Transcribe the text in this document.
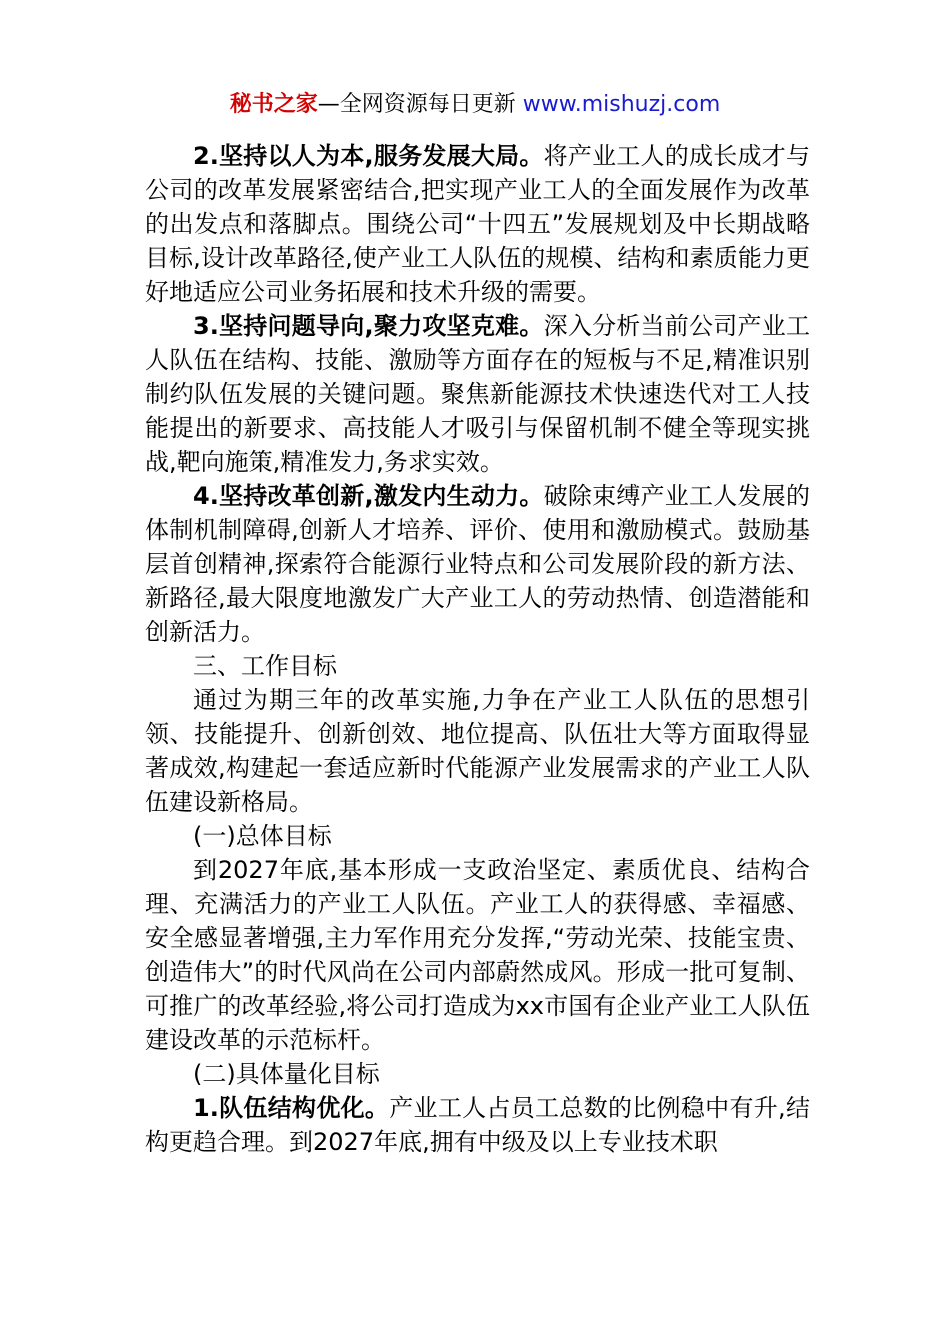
秘书之家—全网资源每日更新 www.mishuzj.com

2.坚持以人为本,服务发展大局。将产业工人的成长成才与公司的改革发展紧密结合,把实现产业工人的全面发展作为改革的出发点和落脚点。围绕公司“十四五”发展规划及中长期战略目标,设计改革路径,使产业工人队伍的规模、结构和素质能力更好地适应公司业务拓展和技术升级的需要。

3.坚持问题导向,聚力攻坚克难。深入分析当前公司产业工人队伍在结构、技能、激励等方面存在的短板与不足,精准识别制约队伍发展的关键问题。聚焦新能源技术快速迭代对工人技能提出的新要求、高技能人才吸引与保留机制不健全等现实挑战,靶向施策,精准发力,务求实效。

4.坚持改革创新,激发内生动力。破除束缚产业工人发展的体制机制障碍,创新人才培养、评价、使用和激励模式。鼓励基层首创精神,探索符合能源行业特点和公司发展阶段的新方法、新路径,最大限度地激发广大产业工人的劳动热情、创造潜能和创新活力。

三、工作目标

通过为期三年的改革实施,力争在产业工人队伍的思想引领、技能提升、创新创效、地位提高、队伍壮大等方面取得显著成效,构建起一套适应新时代能源产业发展需求的产业工人队伍建设新格局。

(一)总体目标

到2027年底,基本形成一支政治坚定、素质优良、结构合理、充满活力的产业工人队伍。产业工人的获得感、幸福感、安全感显著增强,主力军作用充分发挥,“劳动光荣、技能宝贵、创造伟大”的时代风尚在公司内部蔚然成风。形成一批可复制、可推广的改革经验,将公司打造成为xx市国有企业产业工人队伍建设改革的示范标杆。

(二)具体量化目标

1.队伍结构优化。产业工人占员工总数的比例稳中有升,结构更趋合理。到2027年底,拥有中级及以上专业技术职
